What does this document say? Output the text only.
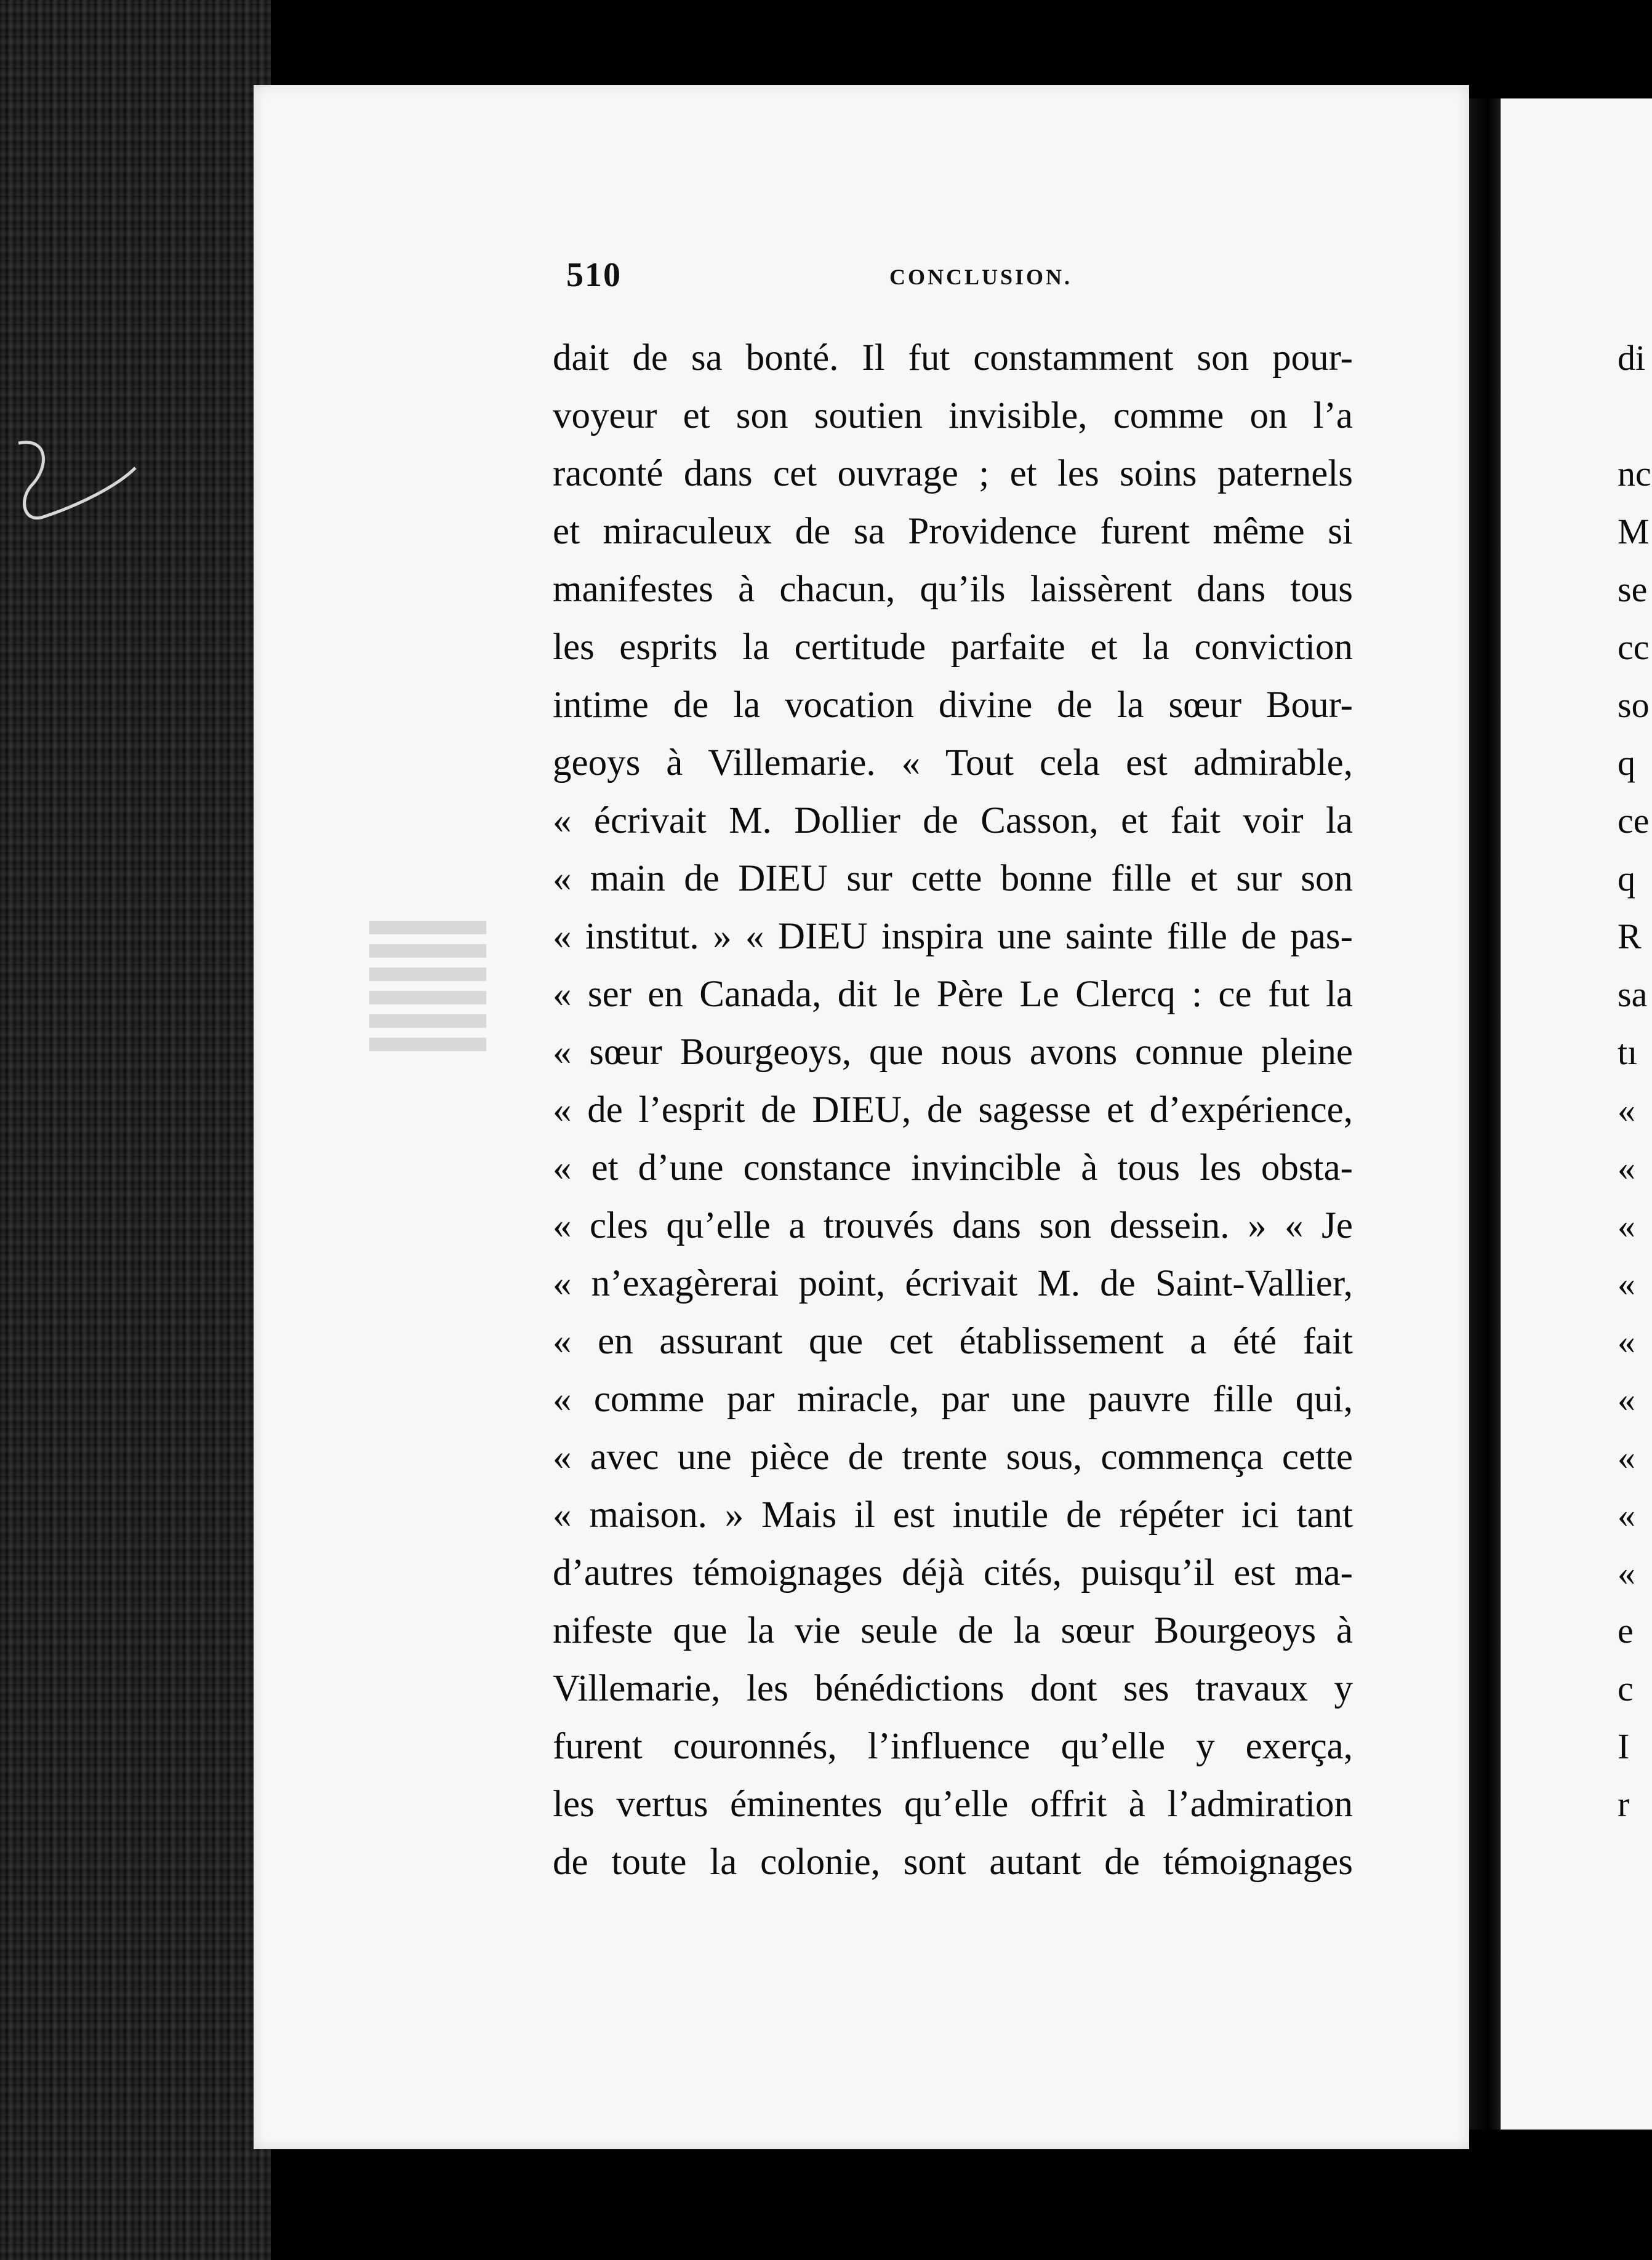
510	CONCLUSION.
dait de sa bonté. Il fut constamment son pour-
voyeur et son soutien invisible, comme on l’a
raconté dans cet ouvrage ; et les soins paternels
et miraculeux de sa Providence furent même si
manifestes à chacun, qu’ils laissèrent dans tous
les esprits la certitude parfaite et la conviction
intime de la vocation divine de la sœur Bour-
geoys à Villemarie. « Tout cela est admirable,
« écrivait M. Dollier de Casson, et fait voir la
« main de DIEU sur cette bonne fille et sur son
« institut. » « DIEU inspira une sainte fille de pas-
« ser en Canada, dit le Père Le Clercq : ce fut la
« sœur Bourgeoys, que nous avons connue pleine
« de l’esprit de DIEU, de sagesse et d’expérience,
« et d’une constance invincible à tous les obsta-
« cles qu’elle a trouvés dans son dessein. » « Je
« n’exagèrerai point, écrivait M. de Saint-Vallier,
« en assurant que cet établissement a été fait
« comme par miracle, par une pauvre fille qui,
« avec une pièce de trente sous, commença cette
« maison. » Mais il est inutile de répéter ici tant
d’autres témoignages déjà cités, puisqu’il est ma-
nifeste que la vie seule de la sœur Bourgeoys à
Villemarie, les bénédictions dont ses travaux y
furent couronnés, l’influence qu’elle y exerça,
les vertus éminentes qu’elle offrit à l’admiration
de toute la colonie, sont autant de témoignages
di
nc
M
se
cc
so
q
ce
q
R
sa
tı
«
«
«
«
«
«
«
«
«
e
c
I
r
